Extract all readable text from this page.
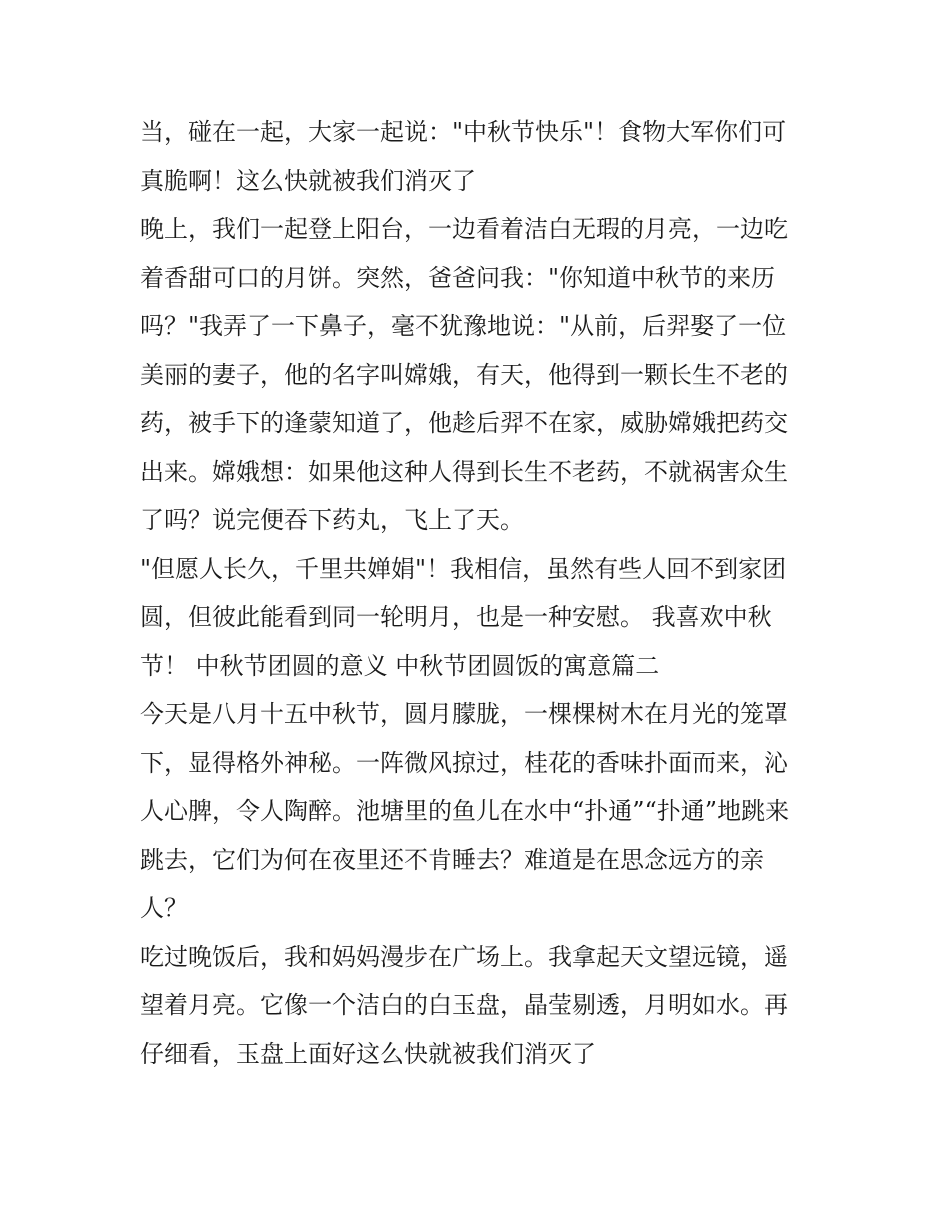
当，碰在一起，大家一起说："中秋节快乐"！食物大军你们可
真脆啊！这么快就被我们消灭了
晚上，我们一起登上阳台，一边看着洁白无瑕的月亮，一边吃
着香甜可口的月饼。突然，爸爸问我："你知道中秋节的来历
吗？"我弄了一下鼻子，毫不犹豫地说："从前，后羿娶了一位
美丽的妻子，他的名字叫嫦娥，有天，他得到一颗长生不老的
药，被手下的逢蒙知道了，他趁后羿不在家，威胁嫦娥把药交
出来。嫦娥想：如果他这种人得到长生不老药，不就祸害众生
了吗？说完便吞下药丸，飞上了天。
"但愿人长久，千里共婵娟"！我相信，虽然有些人回不到家团
圆，但彼此能看到同一轮明月，也是一种安慰。 我喜欢中秋
节！ 中秋节团圆的意义 中秋节团圆饭的寓意篇二
今天是八月十五中秋节，圆月朦胧，一棵棵树木在月光的笼罩
下，显得格外神秘。一阵微风掠过，桂花的香味扑面而来，沁
人心脾，令人陶醉。池塘里的鱼儿在水中“扑通”“扑通”地跳来
跳去，它们为何在夜里还不肯睡去？难道是在思念远方的亲
人？
吃过晚饭后，我和妈妈漫步在广场上。我拿起天文望远镜，遥
望着月亮。它像一个洁白的白玉盘，晶莹剔透，月明如水。再
仔细看，玉盘上面好这么快就被我们消灭了
